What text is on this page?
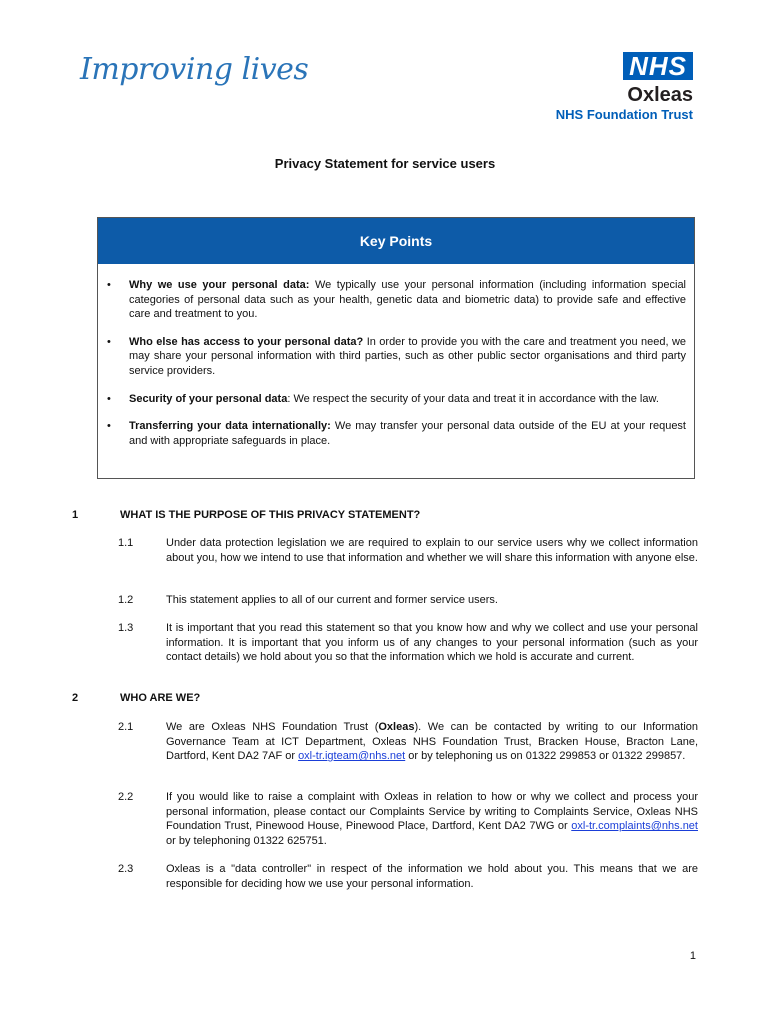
Improving lives	NHS
Oxleas
NHS Foundation Trust
Privacy Statement for service users
Key Points
• Why we use your personal data: We typically use your personal information (including information special categories of personal data such as your health, genetic data and biometric data) to provide safe and effective care and treatment to you.
• Who else has access to your personal data? In order to provide you with the care and treatment you need, we may share your personal information with third parties, such as other public sector organisations and third party service providers.
• Security of your personal data: We respect the security of your data and treat it in accordance with the law.
• Transferring your data internationally: We may transfer your personal data outside of the EU at your request and with appropriate safeguards in place.
1	WHAT IS THE PURPOSE OF THIS PRIVACY STATEMENT?
1.1	Under data protection legislation we are required to explain to our service users why we collect information about you, how we intend to use that information and whether we will share this information with anyone else.
1.2	This statement applies to all of our current and former service users.
1.3	It is important that you read this statement so that you know how and why we collect and use your personal information. It is important that you inform us of any changes to your personal information (such as your contact details) we hold about you so that the information which we hold is accurate and current.
2	WHO ARE WE?
2.1	We are Oxleas NHS Foundation Trust (Oxleas). We can be contacted by writing to our Information Governance Team at ICT Department, Oxleas NHS Foundation Trust, Bracken House, Bracton Lane, Dartford, Kent DA2 7AF or oxl-tr.igteam@nhs.net or by telephoning us on 01322 299853 or 01322 299857.
2.2	If you would like to raise a complaint with Oxleas in relation to how or why we collect and process your personal information, please contact our Complaints Service by writing to Complaints Service, Oxleas NHS Foundation Trust, Pinewood House, Pinewood Place, Dartford, Kent DA2 7WG or oxl-tr.complaints@nhs.net or by telephoning 01322 625751.
2.3	Oxleas is a "data controller" in respect of the information we hold about you. This means that we are responsible for deciding how we use your personal information.
1
